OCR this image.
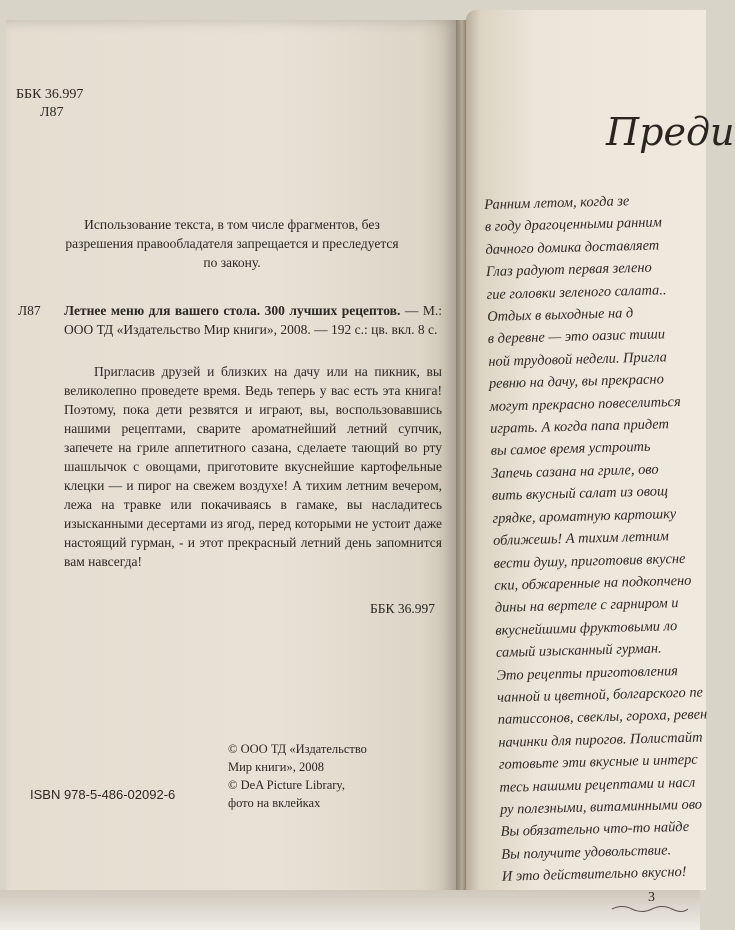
ББК 36.997
Л87
Использование текста, в том числе фрагментов, без разрешения правообладателя запрещается и преследуется по закону.
Л87 Летнее меню для вашего стола. 300 лучших рецептов. — М.: ООО ТД «Издательство Мир книги», 2008. — 192 с.: цв. вкл. 8 с.
Пригласив друзей и близких на дачу или на пикник, вы великолепно проведете время. Ведь теперь у вас есть эта книга! Поэтому, пока дети резвятся и играют, вы, воспользовавшись нашими рецептами, сварите ароматнейший летний супчик, запечете на гриле аппетитного сазана, сделаете тающий во рту шашлычок с овощами, приготовите вкуснейшие картофельные клецки — и пирог на свежем воздухе! А тихим летним вечером, лежа на травке или покачиваясь в гамаке, вы насладитесь изысканными десертами из ягод, перед которыми не устоит даже настоящий гурман, - и этот прекрасный летний день запомнится вам навсегда!
ББК 36.997
© ООО ТД «Издательство
Мир книги», 2008
© DeA Picture Library,
фото на вклейках
ISBN 978-5-486-02092-6
Преди
Ранним летом, когда зе
в году драгоценными ранним
дачного домика доставляет
Глаз радуют первая зелено
гие головки зеленого салата..
Отдых в выходные на д
в деревне — это оазис тиши
ной трудовой недели. Пригла
ревню на дачу, вы прекрасно
могут прекрасно повеселиться
играть. А когда папа придет
вы самое время устроить
Запечь сазана на гриле, ово
вить вкусный салат из овощ
грядке, ароматную картошку
оближешь! А тихим летним
вести душу, приготовив вкусне
ски, обжаренные на подкопчено
дины на вертеле с гарниром и
вкуснейшими фруктовыми ло
самый изысканный гурман.
Это рецепты приготовления
чанной и цветной, болгарского пе
патиссонов, свеклы, гороха, ревен
начинки для пирогов. Полистайт
готовьте эти вкусные и интерс
тесь нашими рецептами и насл
ру полезными, витаминными ово
Вы обязательно что-то найде
Вы получите удовольствие.
И это действительно вкусно!
3
